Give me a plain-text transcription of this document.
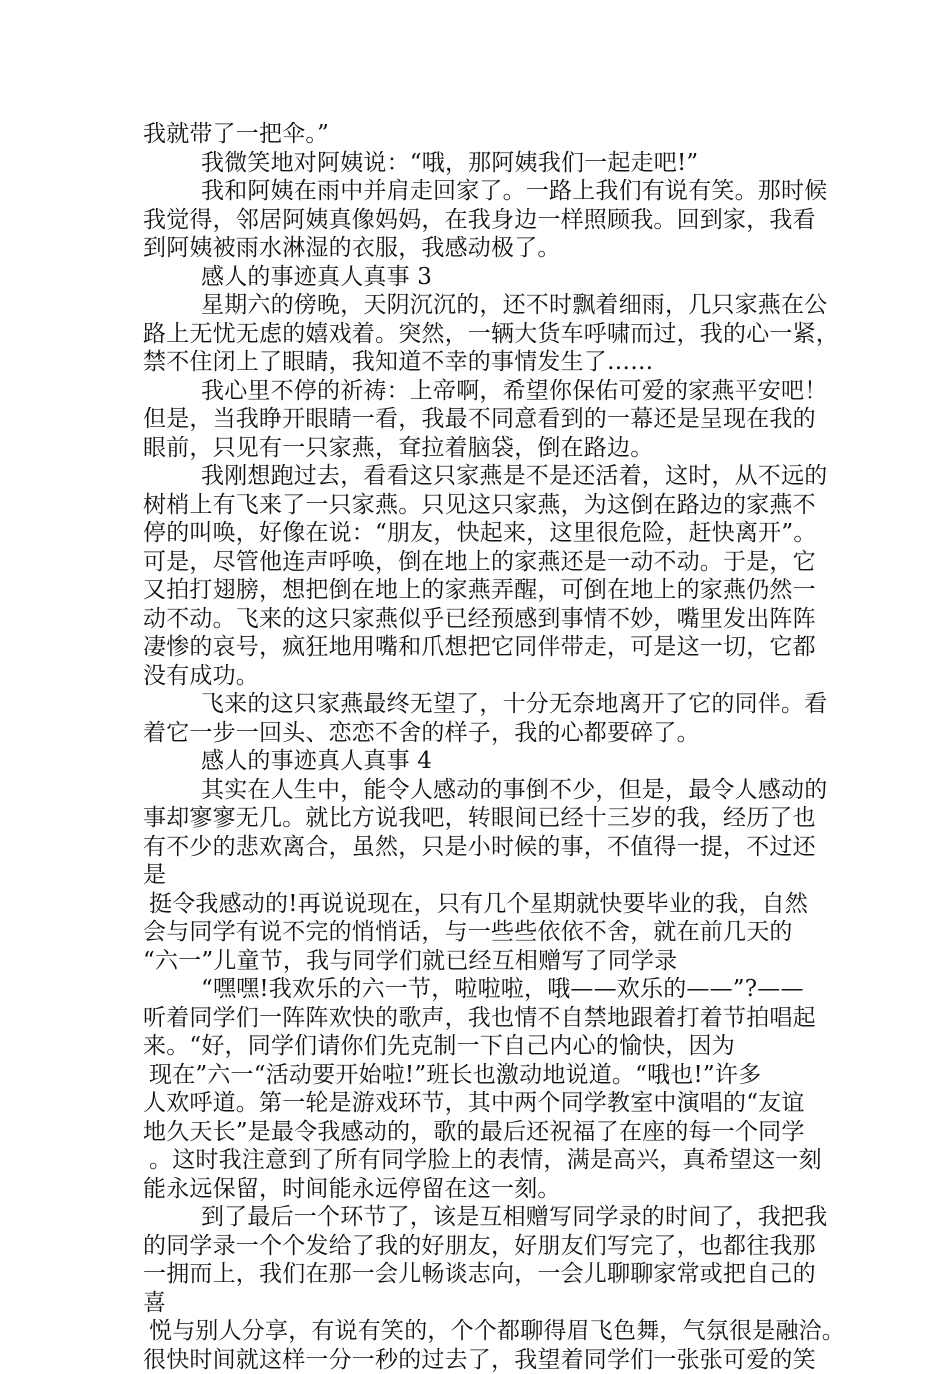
我就带了一把伞。”
我微笑地对阿姨说：“哦，那阿姨我们一起走吧!”
我和阿姨在雨中并肩走回家了。一路上我们有说有笑。那时候
我觉得，邻居阿姨真像妈妈，在我身边一样照顾我。回到家，我看
到阿姨被雨水淋湿的衣服，我感动极了。
感人的事迹真人真事 3
星期六的傍晚，天阴沉沉的，还不时飘着细雨，几只家燕在公
路上无忧无虑的嬉戏着。突然，一辆大货车呼啸而过，我的心一紧，
禁不住闭上了眼睛，我知道不幸的事情发生了……
我心里不停的祈祷：上帝啊，希望你保佑可爱的家燕平安吧！
但是，当我睁开眼睛一看，我最不同意看到的一幕还是呈现在我的
眼前，只见有一只家燕，耷拉着脑袋，倒在路边。
我刚想跑过去，看看这只家燕是不是还活着，这时，从不远的
树梢上有飞来了一只家燕。只见这只家燕，为这倒在路边的家燕不
停的叫唤，好像在说：“朋友，快起来，这里很危险，赶快离开”。
可是，尽管他连声呼唤，倒在地上的家燕还是一动不动。于是，它
又拍打翅膀，想把倒在地上的家燕弄醒，可倒在地上的家燕仍然一
动不动。飞来的这只家燕似乎已经预感到事情不妙，嘴里发出阵阵
凄惨的哀号，疯狂地用嘴和爪想把它同伴带走，可是这一切，它都
没有成功。
飞来的这只家燕最终无望了，十分无奈地离开了它的同伴。看
着它一步一回头、恋恋不舍的样子，我的心都要碎了。
感人的事迹真人真事 4
其实在人生中，能令人感动的事倒不少，但是，最令人感动的
事却寥寥无几。就比方说我吧，转眼间已经十三岁的我，经历了也
有不少的悲欢离合，虽然，只是小时候的事，不值得一提，不过还
是
挺令我感动的!再说说现在，只有几个星期就快要毕业的我，自然
会与同学有说不完的悄悄话，与一些些依依不舍，就在前几天的
“六一”儿童节，我与同学们就已经互相赠写了同学录
“嘿嘿!我欢乐的六一节，啦啦啦，哦——欢乐的——”?——
听着同学们一阵阵欢快的歌声，我也情不自禁地跟着打着节拍唱起
来。“好，同学们请你们先克制一下自己内心的愉快，因为
现在”六一“活动要开始啦!”班长也激动地说道。“哦也!”许多
人欢呼道。第一轮是游戏环节，其中两个同学教室中演唱的“友谊
地久天长”是最令我感动的，歌的最后还祝福了在座的每一个同学
。这时我注意到了所有同学脸上的表情，满是高兴，真希望这一刻
能永远保留，时间能永远停留在这一刻。
到了最后一个环节了，该是互相赠写同学录的时间了，我把我
的同学录一个个发给了我的好朋友，好朋友们写完了，也都往我那
一拥而上，我们在那一会儿畅谈志向，一会儿聊聊家常或把自己的
喜
悦与别人分享，有说有笑的，个个都聊得眉飞色舞，气氛很是融洽。
很快时间就这样一分一秒的过去了，我望着同学们一张张可爱的笑
